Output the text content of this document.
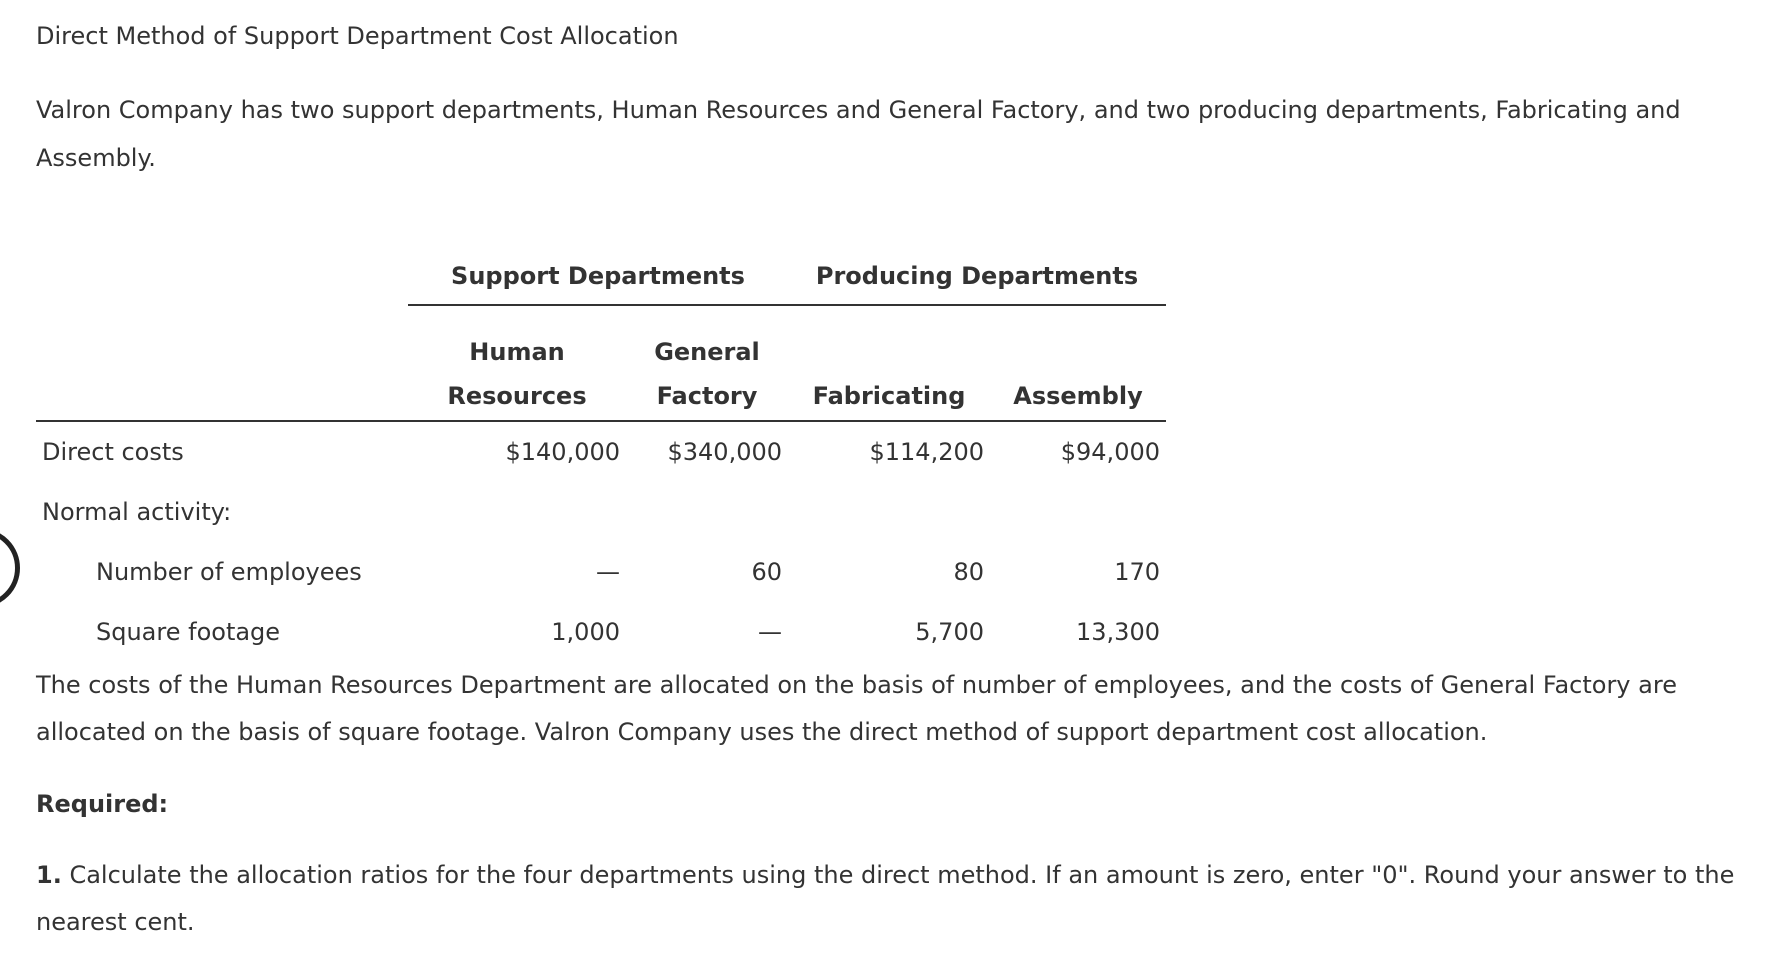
Direct Method of Support Department Cost Allocation
Valron Company has two support departments, Human Resources and General Factory, and two producing departments, Fabricating and Assembly.
	Support Departments		Producing Departments	
	Human	General		
	Resources	Factory	Fabricating	Assembly
Direct costs	$140,000	$340,000	$114,200	$94,000
Normal activity:				
Number of employees	—	60	80	170
Square footage	1,000	—	5,700	13,300
The costs of the Human Resources Department are allocated on the basis of number of employees, and the costs of General Factory are allocated on the basis of square footage. Valron Company uses the direct method of support department cost allocation.
Required:
1. Calculate the allocation ratios for the four departments using the direct method. If an amount is zero, enter "0". Round your answer to the nearest cent.
